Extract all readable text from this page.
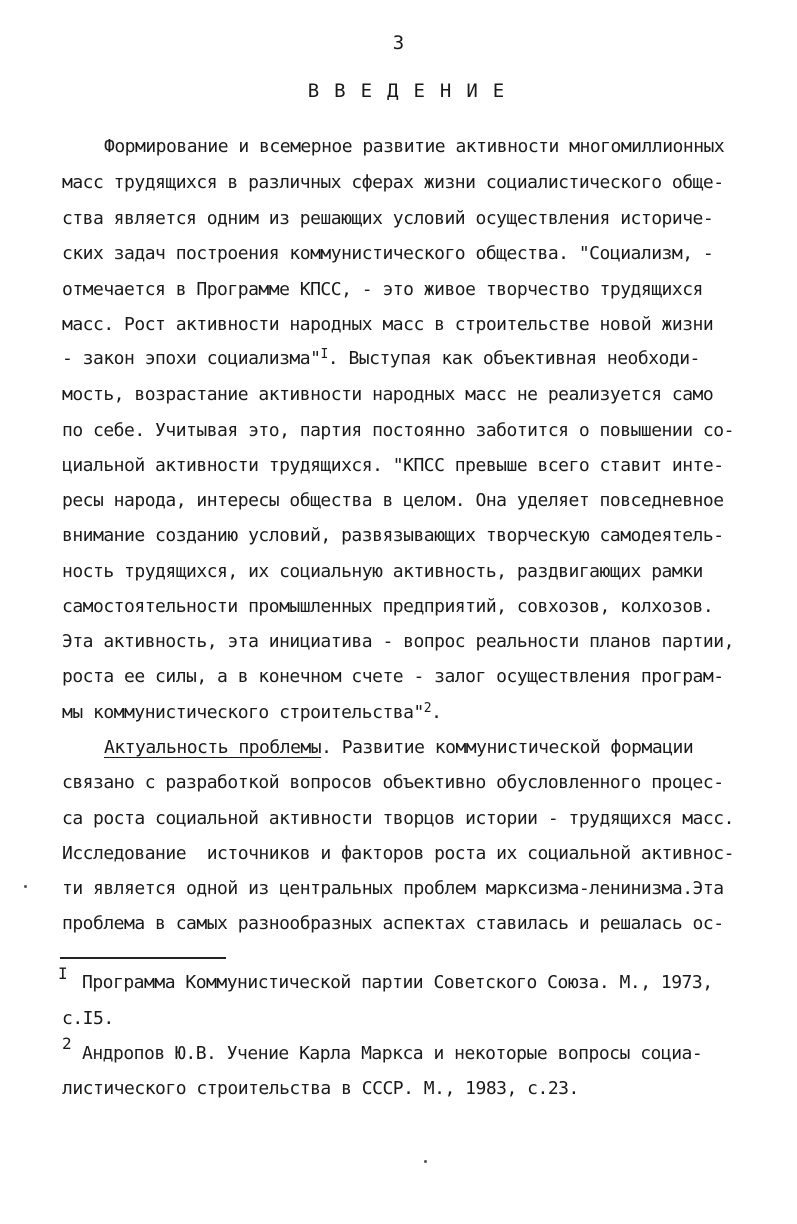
3
ВВЕДЕНИЕ
Формирование и всемерное развитие активности многомиллионных
масс трудящихся в различных сферах жизни социалистического обще-
ства является одним из решающих условий осуществления историче-
ских задач построения коммунистического общества. "Социализм, -
отмечается в Программе КПСС, - это живое творчество трудящихся
масс. Рост активности народных масс в строительстве новой жизни
- закон эпохи социализма"$^I$. Выступая как объективная необходи-
мость, возрастание активности народных масс не реализуется само
по себе. Учитывая это, партия постоянно заботится о повышении со-
циальной активности трудящихся. "КПСС превыше всего ставит инте-
ресы народа, интересы общества в целом. Она уделяет повседневное
внимание созданию условий, развязывающих творческую самодеятель-
ность трудящихся, их социальную активность, раздвигающих рамки
самостоятельности промышленных предприятий, совхозов, колхозов.
Эта активность, эта инициатива - вопрос реальности планов партии,
роста ее силы, а в конечном счете - залог осуществления програм-
мы коммунистического строительства"$^2$.
Актуальность проблемы. Развитие коммунистической формации
связано с разработкой вопросов объективно обусловленного процес-
са роста социальной активности творцов истории - трудящихся масс.
Исследование  источников и факторов роста их социальной активнос-
ти является одной из центральных проблем марксизма-ленинизма.Эта
проблема в самых разнообразных аспектах ставилась и решалась ос-
I Программа Коммунистической партии Советского Союза. М., 1973,
с.I5.
2 Андропов Ю.В. Учение Карла Маркса и некоторые вопросы социа-
листического строительства в СССР. М., 1983, с.23.
